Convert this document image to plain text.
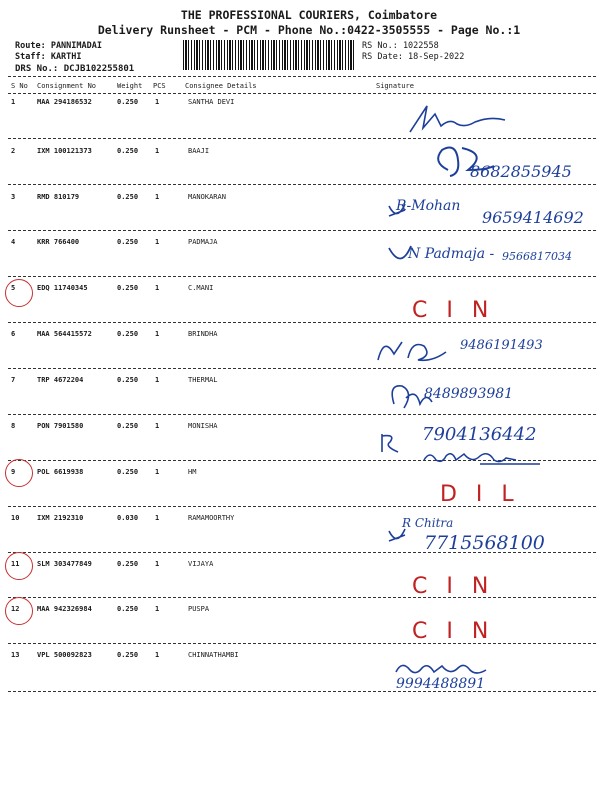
THE PROFESSIONAL COURIERS, Coimbatore
Delivery Runsheet - PCM - Phone No.:0422-3505555 - Page No.:1
Route: PANNIMADAI
Staff: KARTHI
DRS No.: DCJB102255801
RS No.: 1022558
RS Date: 18-Sep-2022
S No Consignment No	Weight PCS	Consignee Details	Signature
1	MAA 294186532	0.250 1	SANTHA DEVI
2	IXM 100121373	0.250 1	BAAJI
8682855945
3	RMD 810179	0.250 1	MANOKARAN
R-Mohan
9659414692
4	KRR 766400	0.250 1	PADMAJA
N Padmaja - 9566817034
5	EDQ 11740345	0.250 1	C.MANI
C I N
6	MAA 564415572	0.250 1	BRINDHA
9486191493
7	TRP 4672204	0.250 1	THERMAL
8489893981
8	PON 7901580	0.250 1	MONISHA	7904136442
9	POL 6619938	0.250 1	HM
D I L
10	IXM 2192310	0.030 1	RAMAMOORTHY	R Chitra
7715568100
11	SLM 303477849	0.250 1	VIJAYA
C I N
12	MAA 942326984	0.250 1	PUSPA
C I N
13	VPL 500092823	0.250 1	CHINNATHAMBI
9994488891
